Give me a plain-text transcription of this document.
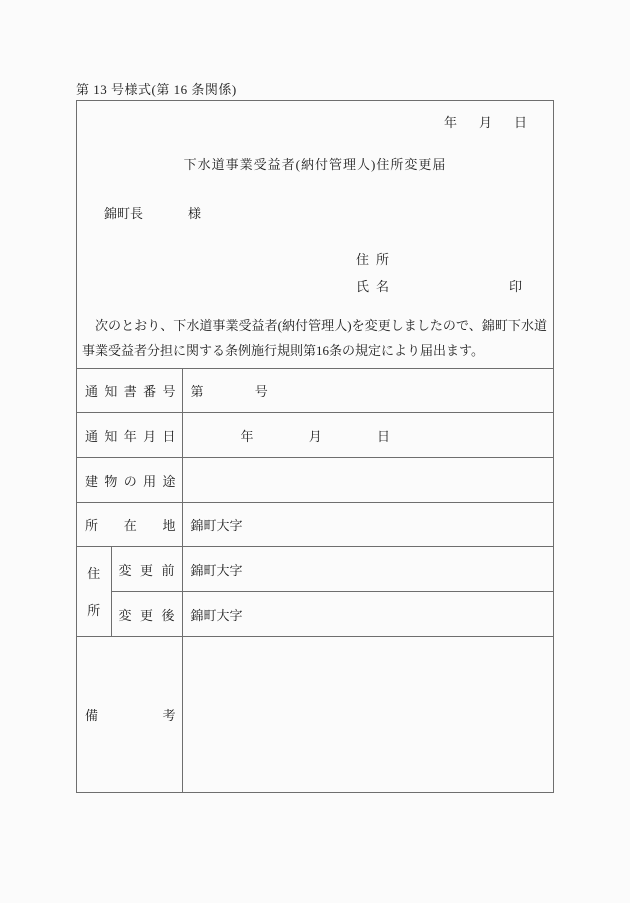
第 13 号様式(第 16 条関係)
年 月 日
下水道事業受益者(納付管理人)住所変更届
錦町長	様
住所
氏名	印
次のとおり、下水道事業受益者(納付管理人)を変更しましたので、錦町下水道事業受益者分担に関する条例施行規則第16条の規定により届出ます。
通知書番号		第 号
通知年月日		年 月 日
建物の用途		
所在地		錦町大字

住
所	変更前	錦町大字
	変更後	錦町大字
備考		
